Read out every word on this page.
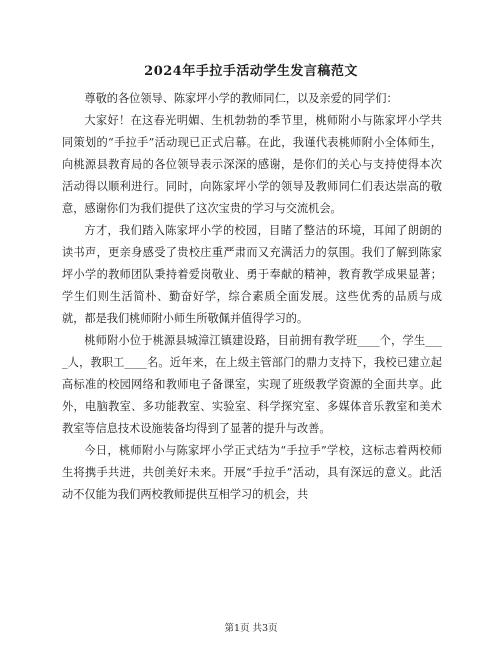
2024年手拉手活动学生发言稿范文

尊敬的各位领导、陈家坪小学的教师同仁，以及亲爱的同学们：

大家好！在这春光明媚、生机勃勃的季节里，桃师附小与陈家坪小学共同策划的“手拉手”活动现已正式启幕。在此，我谨代表桃师附小全体师生，向桃源县教育局的各位领导表示深深的感谢，是你们的关心与支持使得本次活动得以顺利进行。同时，向陈家坪小学的领导及教师同仁们表达崇高的敬意，感谢你们为我们提供了这次宝贵的学习与交流机会。

方才，我们踏入陈家坪小学的校园，目睹了整洁的环境，耳闻了朗朗的读书声，更亲身感受了贵校庄重严肃而又充满活力的氛围。我们了解到陈家坪小学的教师团队秉持着爱岗敬业、勇于奉献的精神，教育教学成果显著；学生们则生活简朴、勤奋好学，综合素质全面发展。这些优秀的品质与成就，都是我们桃师附小师生所敬佩并值得学习的。

桃师附小位于桃源县城漳江镇建设路，目前拥有教学班____个，学生____人，教职工____名。近年来，在上级主管部门的鼎力支持下，我校已建立起高标准的校园网络和教师电子备课室，实现了班级教学资源的全面共享。此外，电脑教室、多功能教室、实验室、科学探究室、多媒体音乐教室和美术教室等信息技术设施装备均得到了显著的提升与改善。

今日，桃师附小与陈家坪小学正式结为“手拉手”学校，这标志着两校师生将携手共进，共创美好未来。开展“手拉手”活动，具有深远的意义。此活动不仅能为我们两校教师提供互相学习的机会，共

第1页 共3页
